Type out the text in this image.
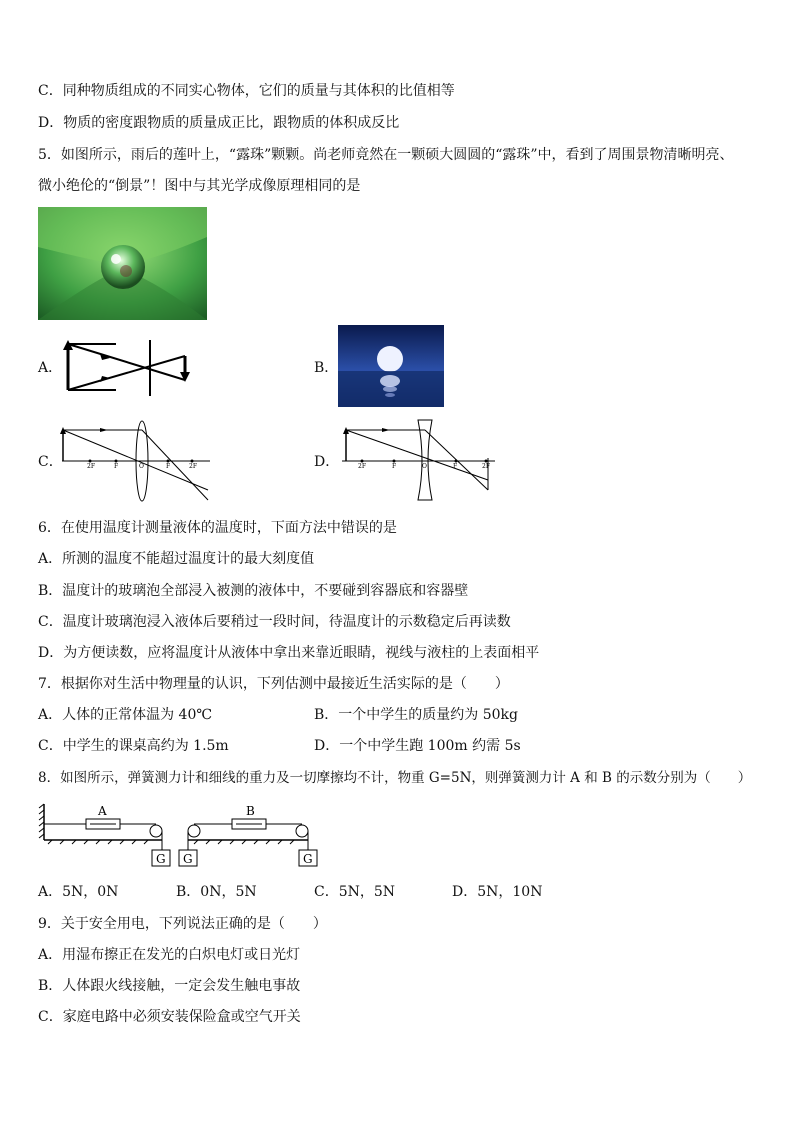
C．同种物质组成的不同实心物体，它们的质量与其体积的比值相等
D．物质的密度跟物质的质量成正比，跟物质的体积成反比
5．如图所示，雨后的莲叶上，“露珠”颗颗。尚老师竟然在一颗硕大圆圆的“露珠”中，看到了周围景物清晰明亮、
微小绝伦的“倒景”！图中与其光学成像原理相同的是
A．	B．
C．	2F	F	O	F	2F	D．	2F	F	O	F	2F
6．在使用温度计测量液体的温度时，下面方法中错误的是
A．所测的温度不能超过温度计的最大刻度值
B．温度计的玻璃泡全部浸入被测的液体中，不要碰到容器底和容器壁
C．温度计玻璃泡浸入液体后要稍过一段时间，待温度计的示数稳定后再读数
D．为方便读数，应将温度计从液体中拿出来靠近眼睛，视线与液柱的上表面相平
7．根据你对生活中物理量的认识，下列估测中最接近生活实际的是（　　）
A．人体的正常体温为 40℃	B．一个中学生的质量约为 50kg
C．中学生的课桌高约为 1.5m	D．一个中学生跑 100m 约需 5s
8．如图所示，弹簧测力计和细线的重力及一切摩擦均不计，物重 G=5N，则弹簧测力计 A 和 B 的示数分别为（　　）
A
G
B
G	G
A．5N，0N	B．0N，5N	C．5N，5N	D．5N，10N
9．关于安全用电，下列说法正确的是（　　）
A．用湿布擦正在发光的白炽电灯或日光灯
B．人体跟火线接触，一定会发生触电事故
C．家庭电路中必须安装保险盒或空气开关
